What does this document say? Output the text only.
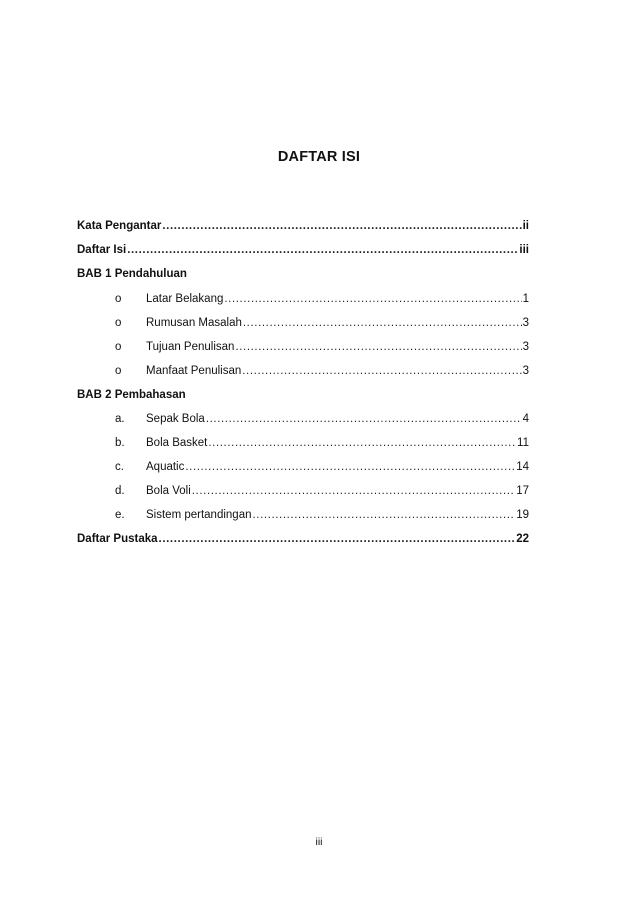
DAFTAR ISI
Kata Pengantar .....	ii
Daftar Isi .....	iii
BAB 1 Pendahuluan
o	Latar Belakang .....	1
o	Rumusan Masalah .....	3
o	Tujuan Penulisan .....	3
o	Manfaat Penulisan .....	3
BAB 2 Pembahasan
a.	Sepak Bola .....	4
b.	Bola Basket .....	11
c.	Aquatic .....	14
d.	Bola Voli .....	17
e.	Sistem pertandingan .....	19
Daftar Pustaka .....	22
iii
